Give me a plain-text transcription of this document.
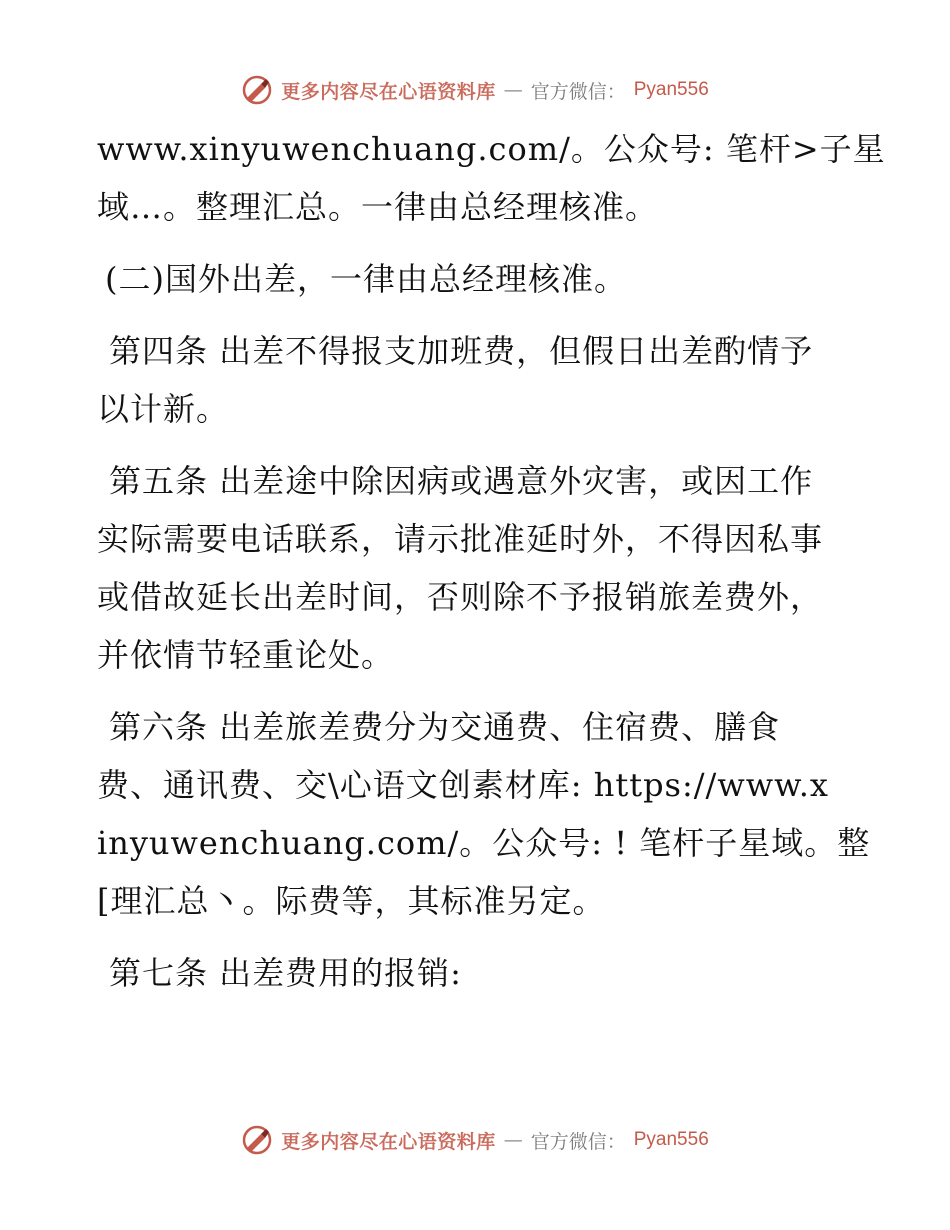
更多内容尽在心语资料库 — 官方微信： Pyan556
www.xinyuwenchuang.com/。公众号: 笔杆>子星
域…。整理汇总。一律由总经理核准。
(二)国外出差，一律由总经理核准。
第四条 出差不得报支加班费，但假日出差酌情予
以计新。
第五条 出差途中除因病或遇意外灾害，或因工作
实际需要电话联系，请示批准延时外，不得因私事
或借故延长出差时间，否则除不予报销旅差费外，
并依情节轻重论处。
第六条 出差旅差费分为交通费、住宿费、膳食
费、通讯费、交\心语文创素材库: https://www.x
inyuwenchuang.com/。公众号: ! 笔杆子星域。整
[理汇总丶。际费等，其标准另定。
第七条 出差费用的报销:
更多内容尽在心语资料库 — 官方微信： Pyan556
